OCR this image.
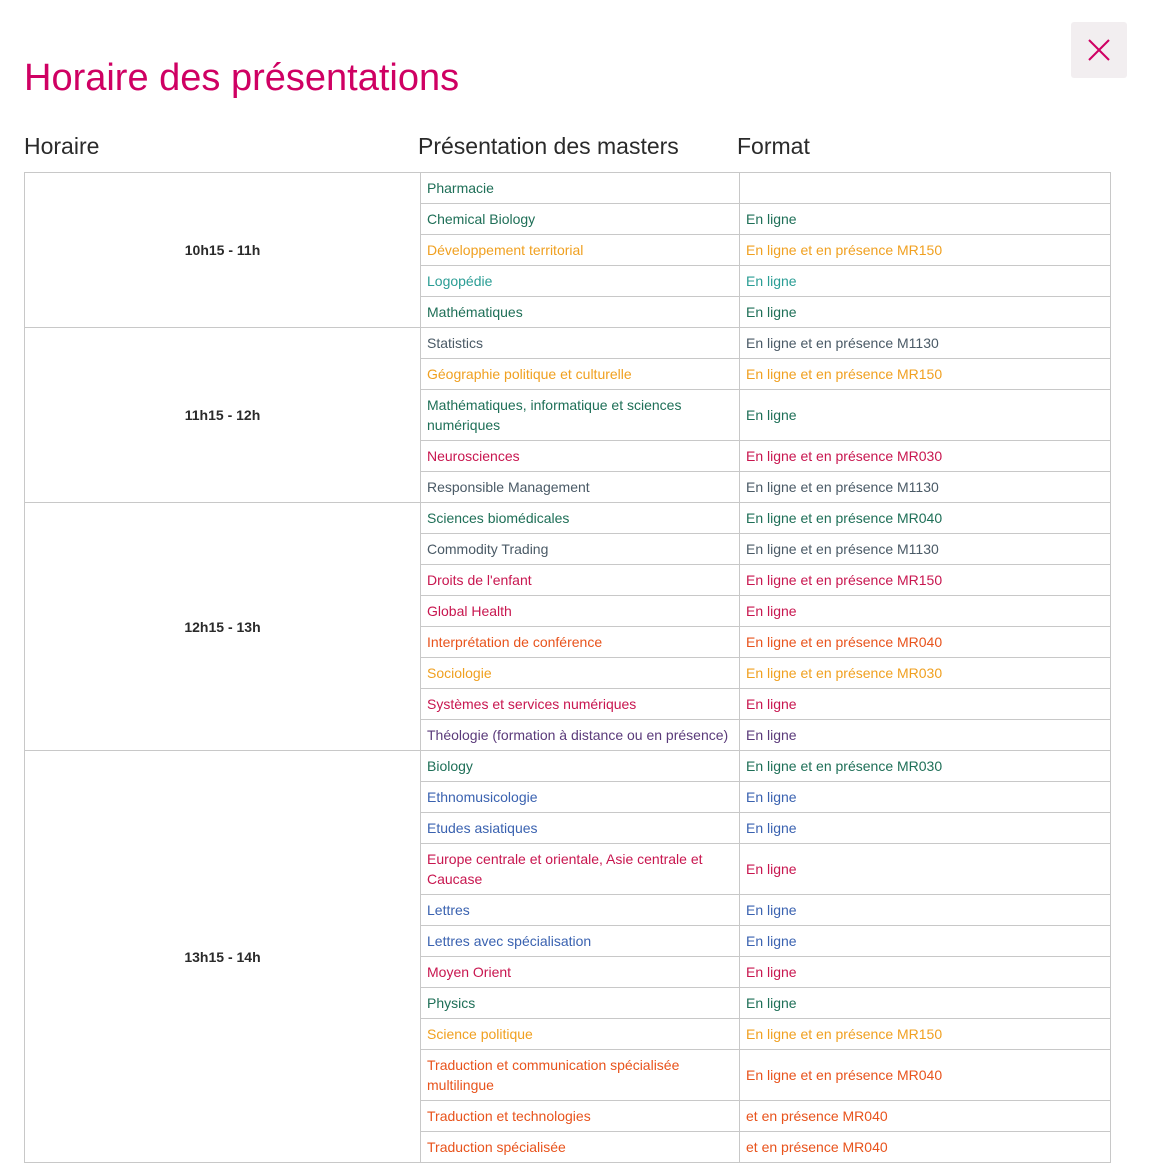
Horaire des présentations
Horaire	Présentation des masters	Format
10h15 - 11h	Pharmacie	
	Chemical Biology	En ligne
	Développement territorial	En ligne et en présence MR150
	Logopédie	En ligne
	Mathématiques	En ligne
11h15 - 12h	Statistics	En ligne et en présence M1130
	Géographie politique et culturelle	En ligne et en présence MR150
	Mathématiques, informatique et sciences numériques	En ligne
	Neurosciences	En ligne et en présence MR030
	Responsible Management	En ligne et en présence M1130
12h15 - 13h	Sciences biomédicales	En ligne et en présence MR040
	Commodity Trading	En ligne et en présence M1130
	Droits de l'enfant	En ligne et en présence MR150
	Global Health	En ligne
	Interprétation de conférence	En ligne et en présence MR040
	Sociologie	En ligne et en présence MR030
	Systèmes et services numériques	En ligne
	Théologie (formation à distance ou en présence)	En ligne
13h15 - 14h	Biology	En ligne et en présence MR030
	Ethnomusicologie	En ligne
	Etudes asiatiques	En ligne
	Europe centrale et orientale, Asie centrale et Caucase	En ligne
	Lettres	En ligne
	Lettres avec spécialisation	En ligne
	Moyen Orient	En ligne
	Physics	En ligne
	Science politique	En ligne et en présence MR150
	Traduction et communication spécialisée multilingue	En ligne et en présence MR040
	Traduction et technologies	et en présence MR040
	Traduction spécialisée	et en présence MR040
